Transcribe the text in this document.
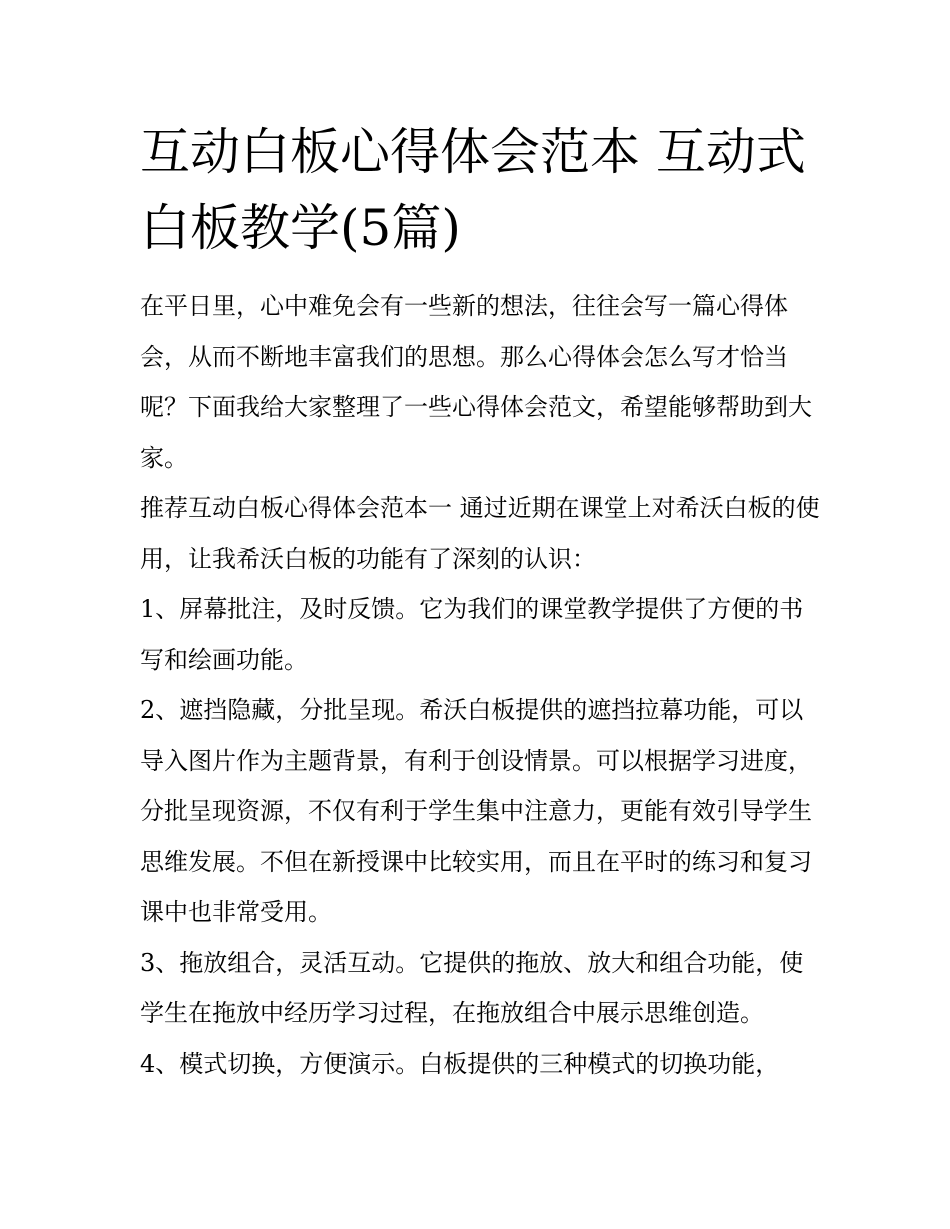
互动白板心得体会范本 互动式白板教学(5篇)

在平日里，心中难免会有一些新的想法，往往会写一篇心得体会，从而不断地丰富我们的思想。那么心得体会怎么写才恰当呢？下面我给大家整理了一些心得体会范文，希望能够帮助到大家。

推荐互动白板心得体会范本一 通过近期在课堂上对希沃白板的使用，让我希沃白板的功能有了深刻的认识：

1、屏幕批注，及时反馈。它为我们的课堂教学提供了方便的书写和绘画功能。

2、遮挡隐藏，分批呈现。希沃白板提供的遮挡拉幕功能，可以导入图片作为主题背景，有利于创设情景。可以根据学习进度，分批呈现资源，不仅有利于学生集中注意力，更能有效引导学生思维发展。不但在新授课中比较实用，而且在平时的练习和复习课中也非常受用。

3、拖放组合，灵活互动。它提供的拖放、放大和组合功能，使学生在拖放中经历学习过程，在拖放组合中展示思维创造。

4、模式切换，方便演示。白板提供的三种模式的切换功能，
